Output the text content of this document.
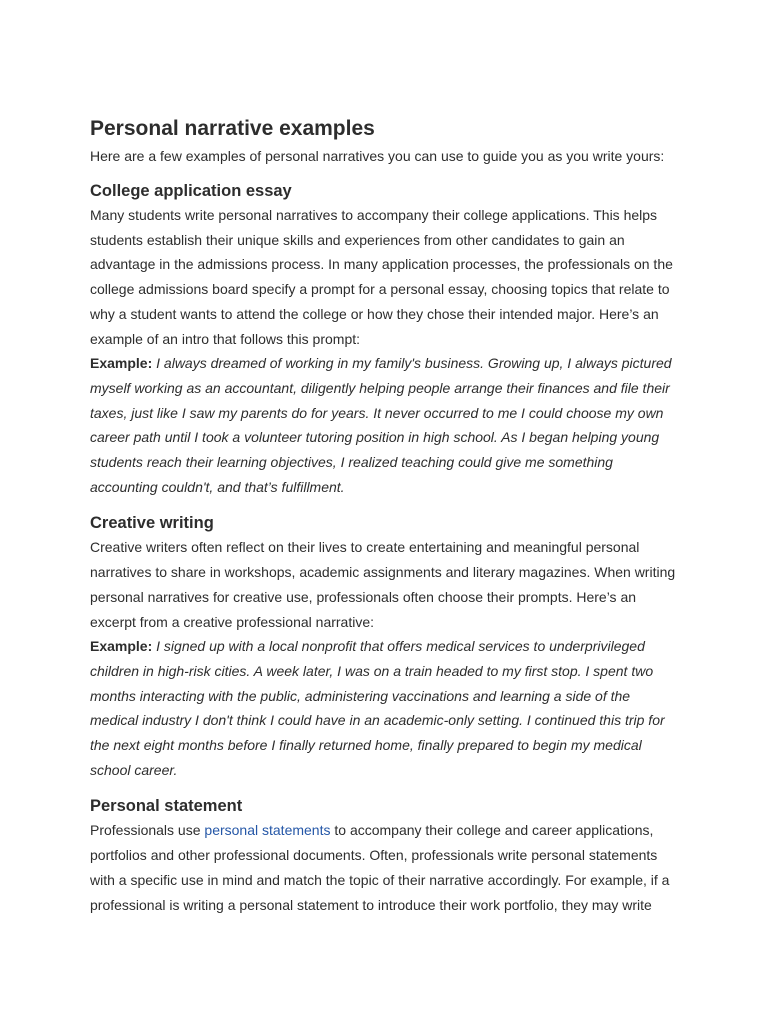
Personal narrative examples

Here are a few examples of personal narratives you can use to guide you as you write yours:

College application essay

Many students write personal narratives to accompany their college applications. This helps students establish their unique skills and experiences from other candidates to gain an advantage in the admissions process. In many application processes, the professionals on the college admissions board specify a prompt for a personal essay, choosing topics that relate to why a student wants to attend the college or how they chose their intended major. Here’s an example of an intro that follows this prompt:

Example: I always dreamed of working in my family's business. Growing up, I always pictured myself working as an accountant, diligently helping people arrange their finances and file their taxes, just like I saw my parents do for years. It never occurred to me I could choose my own career path until I took a volunteer tutoring position in high school. As I began helping young students reach their learning objectives, I realized teaching could give me something accounting couldn't, and that’s fulfillment.

Creative writing

Creative writers often reflect on their lives to create entertaining and meaningful personal narratives to share in workshops, academic assignments and literary magazines. When writing personal narratives for creative use, professionals often choose their prompts. Here’s an excerpt from a creative professional narrative:

Example: I signed up with a local nonprofit that offers medical services to underprivileged children in high-risk cities. A week later, I was on a train headed to my first stop. I spent two months interacting with the public, administering vaccinations and learning a side of the medical industry I don't think I could have in an academic-only setting. I continued this trip for the next eight months before I finally returned home, finally prepared to begin my medical school career.

Personal statement

Professionals use personal statements to accompany their college and career applications, portfolios and other professional documents. Often, professionals write personal statements with a specific use in mind and match the topic of their narrative accordingly. For example, if a professional is writing a personal statement to introduce their work portfolio, they may write
